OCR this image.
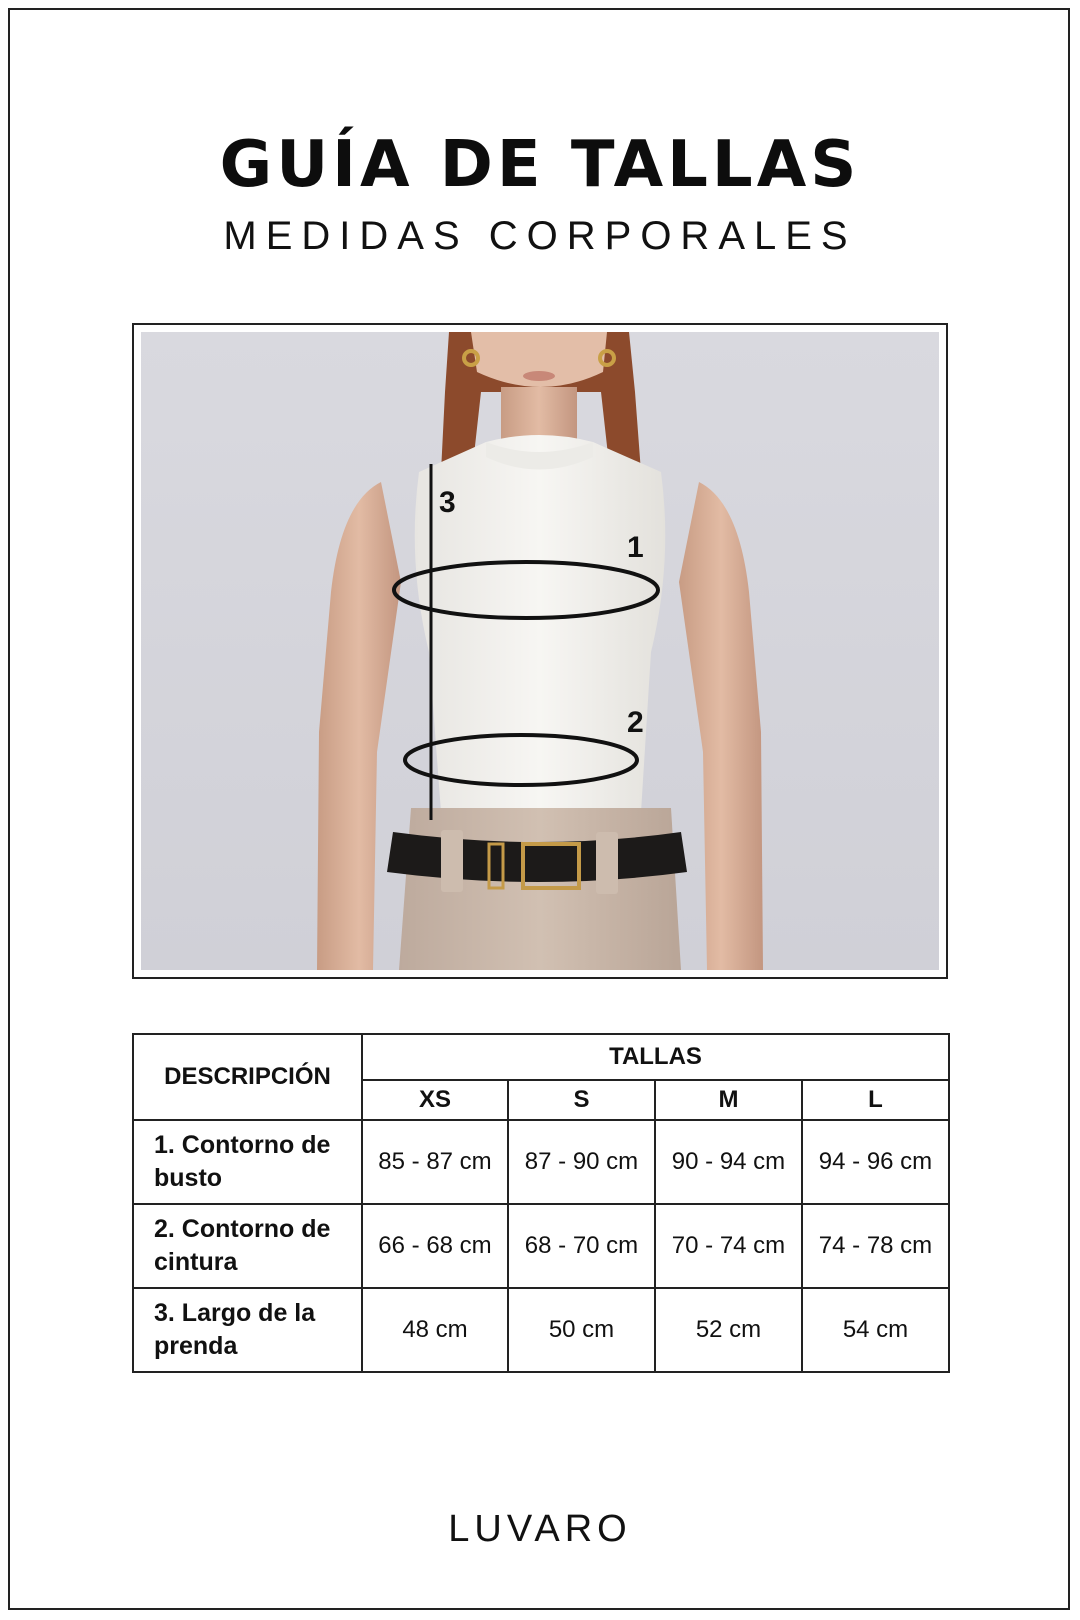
GUÍA DE TALLAS
MEDIDAS CORPORALES
3
1
2
DESCRIPCIÓN	TALLAS			
	XS	S	M	L
1. Contorno de busto	85 - 87 cm	87 - 90 cm	90 - 94 cm	94 - 96 cm
2. Contorno de cintura	66 - 68 cm	68 - 70 cm	70 - 74 cm	74 - 78 cm
3. Largo de la prenda	48 cm	50 cm	52 cm	54 cm
LUVARO
